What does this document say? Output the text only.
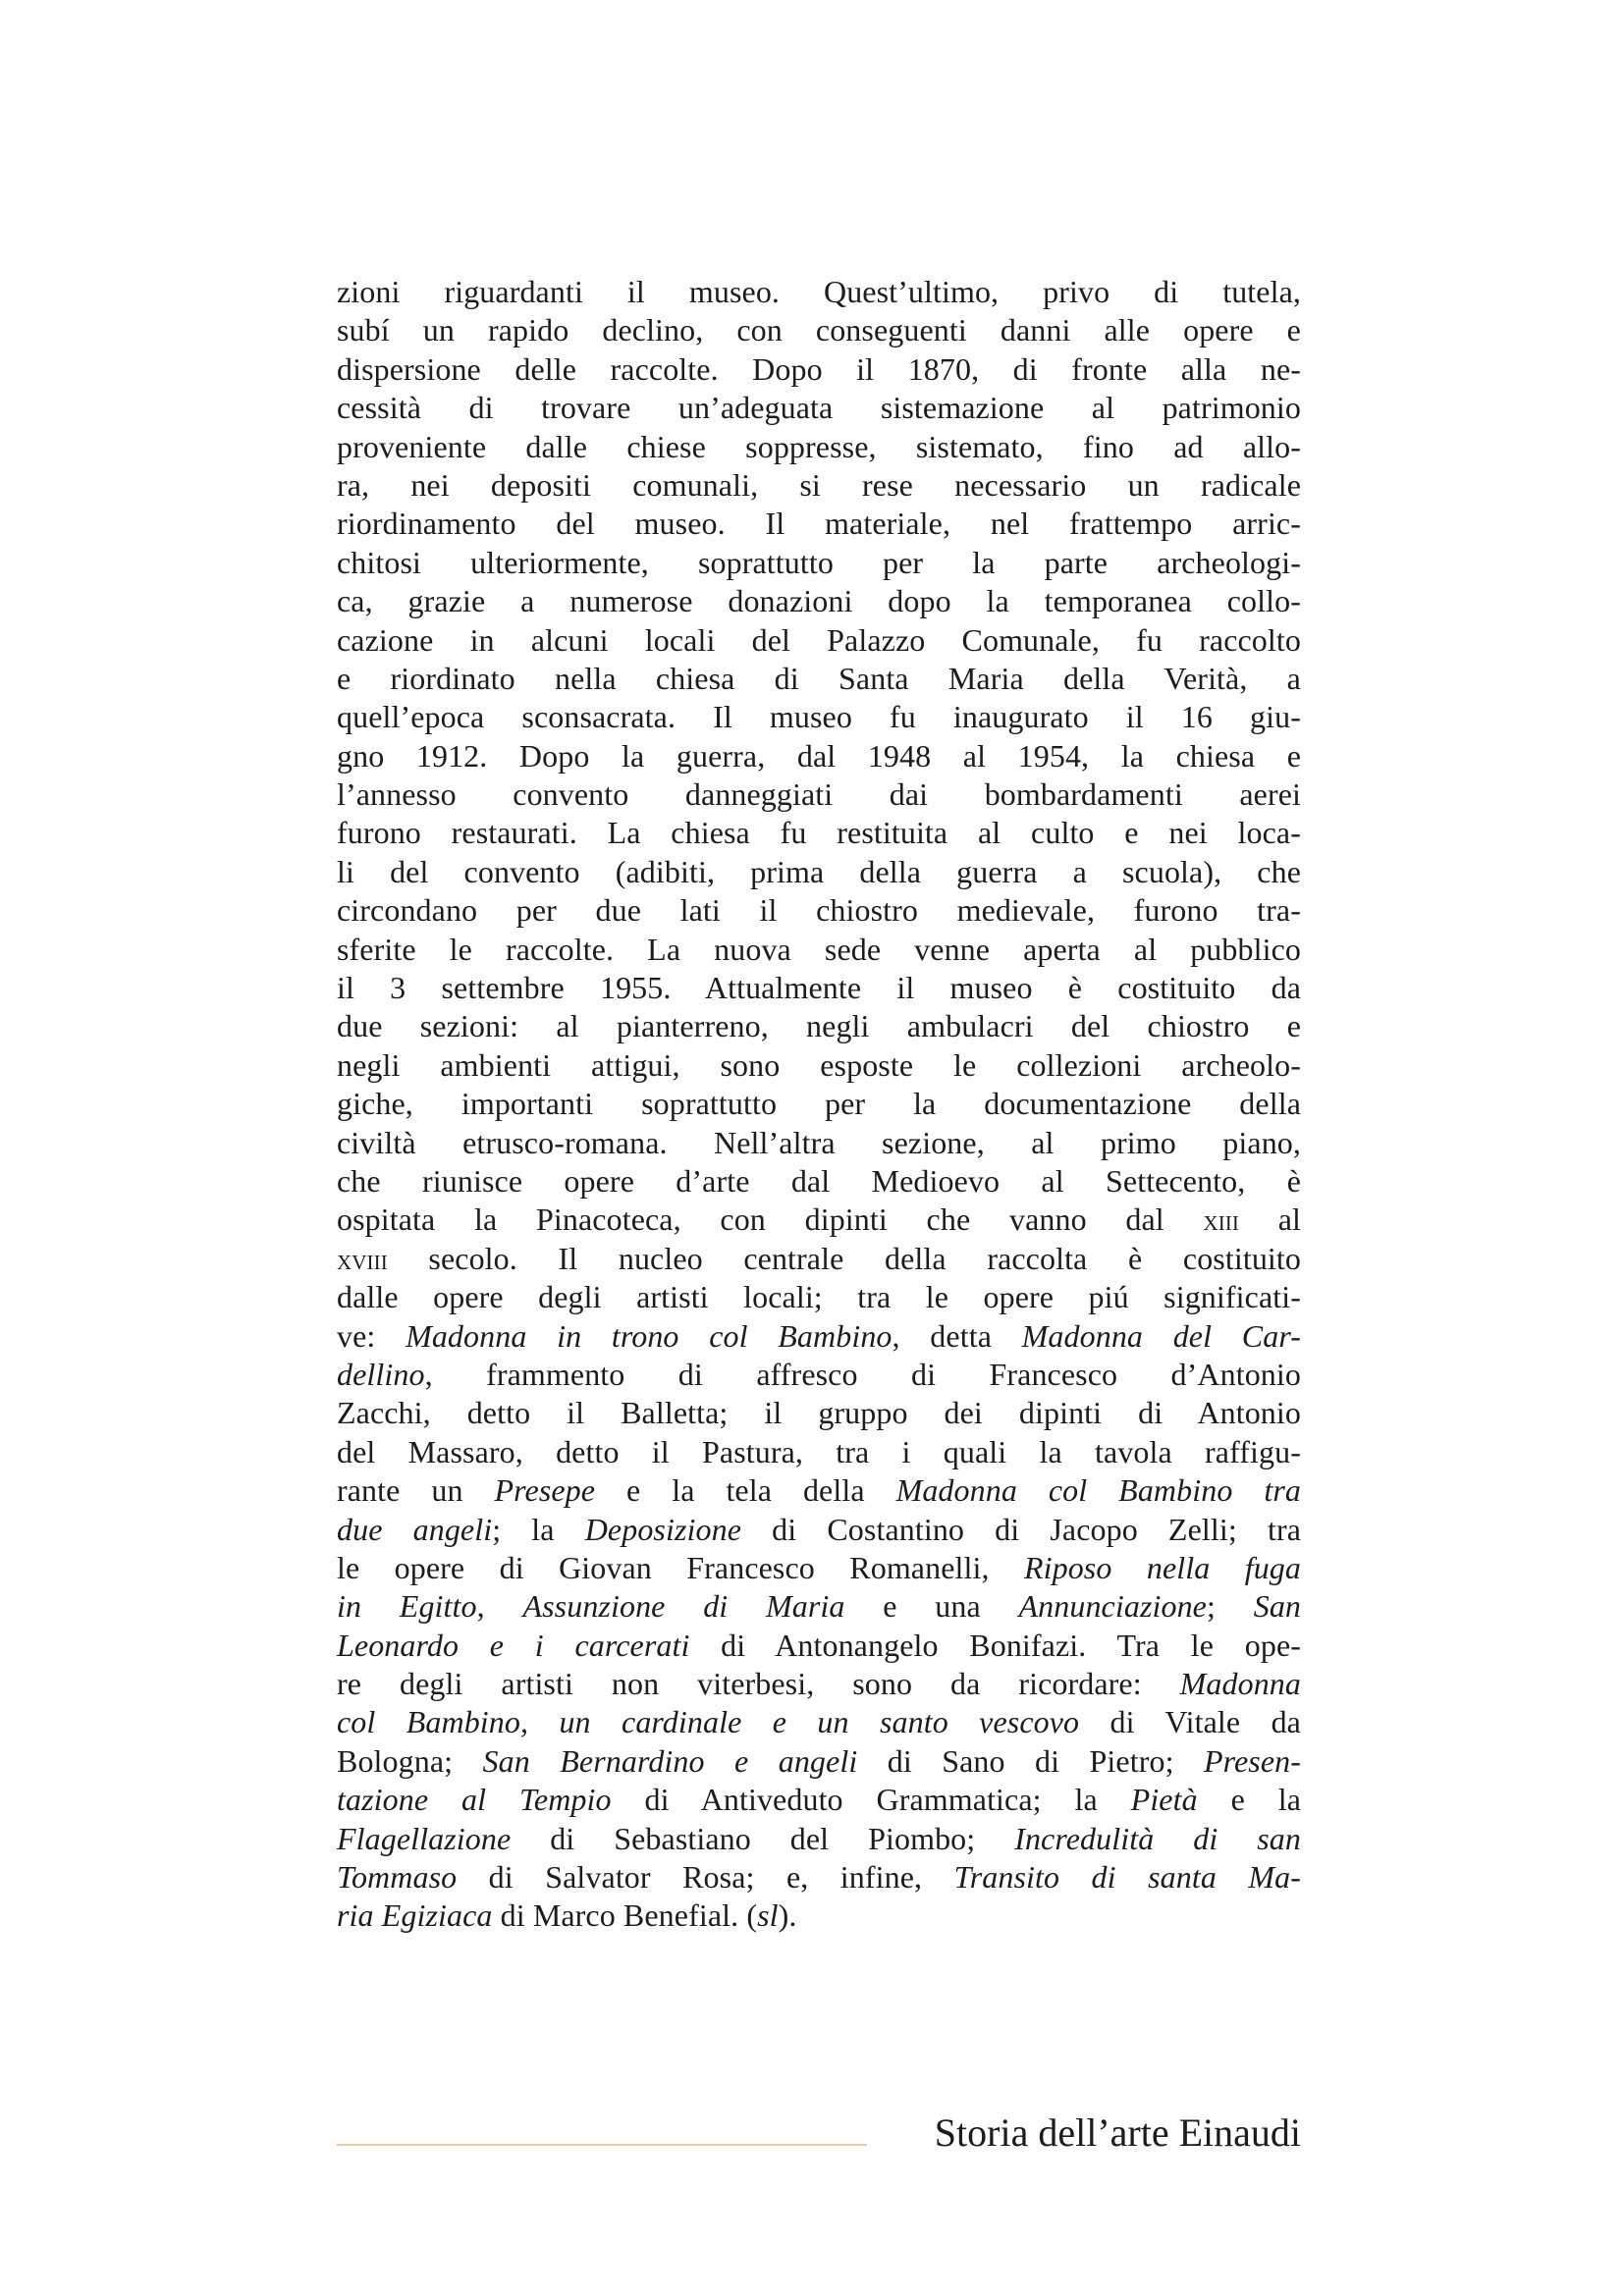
zioni riguardanti il museo. Quest’ultimo, privo di tutela,
subí un rapido declino, con conseguenti danni alle opere e
dispersione delle raccolte. Dopo il 1870, di fronte alla ne-
cessità di trovare un’adeguata sistemazione al patrimonio
proveniente dalle chiese soppresse, sistemato, fino ad allo-
ra, nei depositi comunali, si rese necessario un radicale
riordinamento del museo. Il materiale, nel frattempo arric-
chitosi ulteriormente, soprattutto per la parte archeologi-
ca, grazie a numerose donazioni dopo la temporanea collo-
cazione in alcuni locali del Palazzo Comunale, fu raccolto
e riordinato nella chiesa di Santa Maria della Verità, a
quell’epoca sconsacrata. Il museo fu inaugurato il 16 giu-
gno 1912. Dopo la guerra, dal 1948 al 1954, la chiesa e
l’annesso convento danneggiati dai bombardamenti aerei
furono restaurati. La chiesa fu restituita al culto e nei loca-
li del convento (adibiti, prima della guerra a scuola), che
circondano per due lati il chiostro medievale, furono tra-
sferite le raccolte. La nuova sede venne aperta al pubblico
il 3 settembre 1955. Attualmente il museo è costituito da
due sezioni: al pianterreno, negli ambulacri del chiostro e
negli ambienti attigui, sono esposte le collezioni archeolo-
giche, importanti soprattutto per la documentazione della
civiltà etrusco-romana. Nell’altra sezione, al primo piano,
che riunisce opere d’arte dal Medioevo al Settecento, è
ospitata la Pinacoteca, con dipinti che vanno dal xiii al
xviii secolo. Il nucleo centrale della raccolta è costituito
dalle opere degli artisti locali; tra le opere piú significati-
ve: Madonna in trono col Bambino, detta Madonna del Car-
dellino, frammento di affresco di Francesco d’Antonio
Zacchi, detto il Balletta; il gruppo dei dipinti di Antonio
del Massaro, detto il Pastura, tra i quali la tavola raffigu-
rante un Presepe e la tela della Madonna col Bambino tra
due angeli; la Deposizione di Costantino di Jacopo Zelli; tra
le opere di Giovan Francesco Romanelli, Riposo nella fuga
in Egitto, Assunzione di Maria e una Annunciazione; San
Leonardo e i carcerati di Antonangelo Bonifazi. Tra le ope-
re degli artisti non viterbesi, sono da ricordare: Madonna
col Bambino, un cardinale e un santo vescovo di Vitale da
Bologna; San Bernardino e angeli di Sano di Pietro; Presen-
tazione al Tempio di Antiveduto Grammatica; la Pietà e la
Flagellazione di Sebastiano del Piombo; Incredulità di san
Tommaso di Salvator Rosa; e, infine, Transito di santa Ma-
ria Egiziaca di Marco Benefial. (sl).
Storia dell’arte Einaudi
